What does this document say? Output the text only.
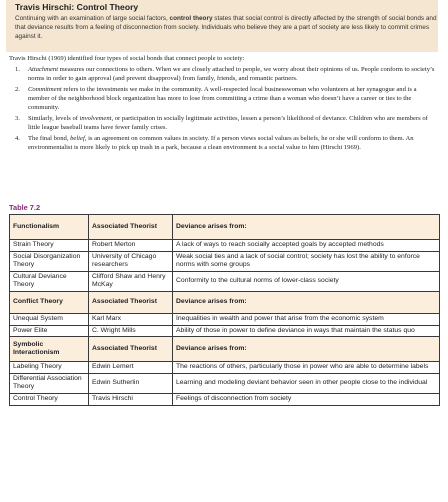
Travis Hirschi: Control Theory

Continuing with an examination of large social factors, control theory states that social control is directly affected by the strength of social bonds and that deviance results from a feeling of disconnection from society. Individuals who believe they are a part of society are less likely to commit crimes against it.

Travis Hirschi (1969) identified four types of social bonds that connect people to society:

1. Attachment measures our connections to others. When we are closely attached to people, we worry about their opinions of us. People conform to society’s norms in order to gain approval (and prevent disapproval) from family, friends, and romantic partners.
2. Commitment refers to the investments we make in the community. A well-respected local businesswoman who volunteers at her synagogue and is a member of the neighborhood block organization has more to lose from committing a crime than a woman who doesn’t have a career or ties to the community.
3. Similarly, levels of involvement, or participation in socially legitimate activities, lessen a person’s likelihood of deviance. Children who are members of little league baseball teams have fewer family crises.
4. The final bond, belief, is an agreement on common values in society. If a person views social values as beliefs, he or she will conform to them. An environmentalist is more likely to pick up trash in a park, because a clean environment is a social value to him (Hirschi 1969).
Table 7.2
Functionalism	Associated Theorist	Deviance arises from:
Strain Theory	Robert Merton	A lack of ways to reach socially accepted goals by accepted methods
Social Disorganization Theory	University of Chicago researchers	Weak social ties and a lack of social control; society has lost the ability to enforce norms with some groups
Cultural Deviance Theory	Clifford Shaw and Henry McKay	Conformity to the cultural norms of lower-class society
Conflict Theory	Associated Theorist	Deviance arises from:
Unequal System	Karl Marx	Inequalities in wealth and power that arise from the economic system
Power Elite	C. Wright Mills	Ability of those in power to define deviance in ways that maintain the status quo
Symbolic Interactionism	Associated Theorist	Deviance arises from:
Labeling Theory	Edwin Lemert	The reactions of others, particularly those in power who are able to determine labels
Differential Association Theory	Edwin Sutherlin	Learning and modeling deviant behavior seen in other people close to the individual
Control Theory	Travis Hirschi	Feelings of disconnection from society
